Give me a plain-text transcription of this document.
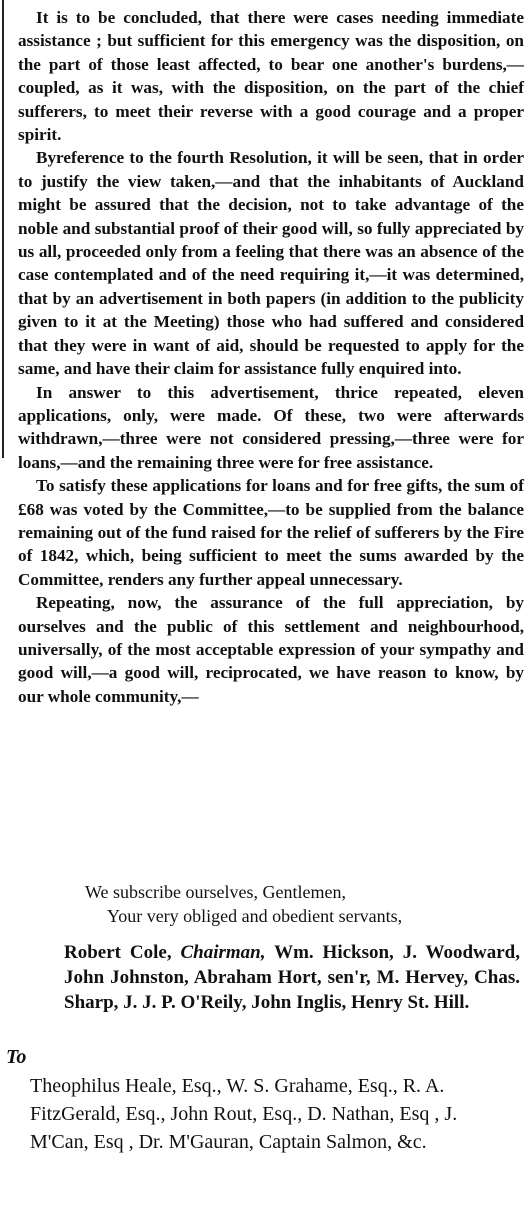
It is to be concluded, that there were cases needing immediate assistance ; but sufficient for this emergency was the disposition, on the part of those least affected, to bear one another's burdens,—coupled, as it was, with the disposition, on the part of the chief sufferers, to meet their reverse with a good courage and a proper spirit.

Byreference to the fourth Resolution, it will be seen, that in order to justify the view taken,—and that the inhabitants of Auckland might be assured that the decision, not to take advantage of the noble and substantial proof of their good will, so fully appreciated by us all, proceeded only from a feeling that there was an absence of the case contemplated and of the need requiring it,—it was determined, that by an advertisement in both papers (in addition to the publicity given to it at the Meeting) those who had suffered and considered that they were in want of aid, should be requested to apply for the same, and have their claim for assistance fully enquired into.

In answer to this advertisement, thrice repeated, eleven applications, only, were made. Of these, two were afterwards withdrawn,—three were not considered pressing,—three were for loans,—and the remaining three were for free assistance.

To satisfy these applications for loans and for free gifts, the sum of £68 was voted by the Committee,—to be supplied from the balance remaining out of the fund raised for the relief of sufferers by the Fire of 1842, which, being sufficient to meet the sums awarded by the Committee, renders any further appeal unnecessary.

Repeating, now, the assurance of the full appreciation, by ourselves and the public of this settlement and neighbourhood, universally, of the most acceptable expression of your sympathy and good will,—a good will, reciprocated, we have reason to know, by our whole community,—

We subscribe ourselves, Gentlemen,
Your very obliged and obedient servants,
Robert Cole, Chairman, Wm. Hickson, J. Woodward, John Johnston, Abraham Hort, sen'r, M. Hervey, Chas. Sharp, J. J. P. O'Reily, John Inglis, Henry St. Hill.
To
Theophilus Heale, Esq., W. S. Grahame, Esq., R. A. FitzGerald, Esq., John Rout, Esq., D. Nathan, Esq , J. M'Can, Esq , Dr. M'Gauran, Captain Salmon, &c.
